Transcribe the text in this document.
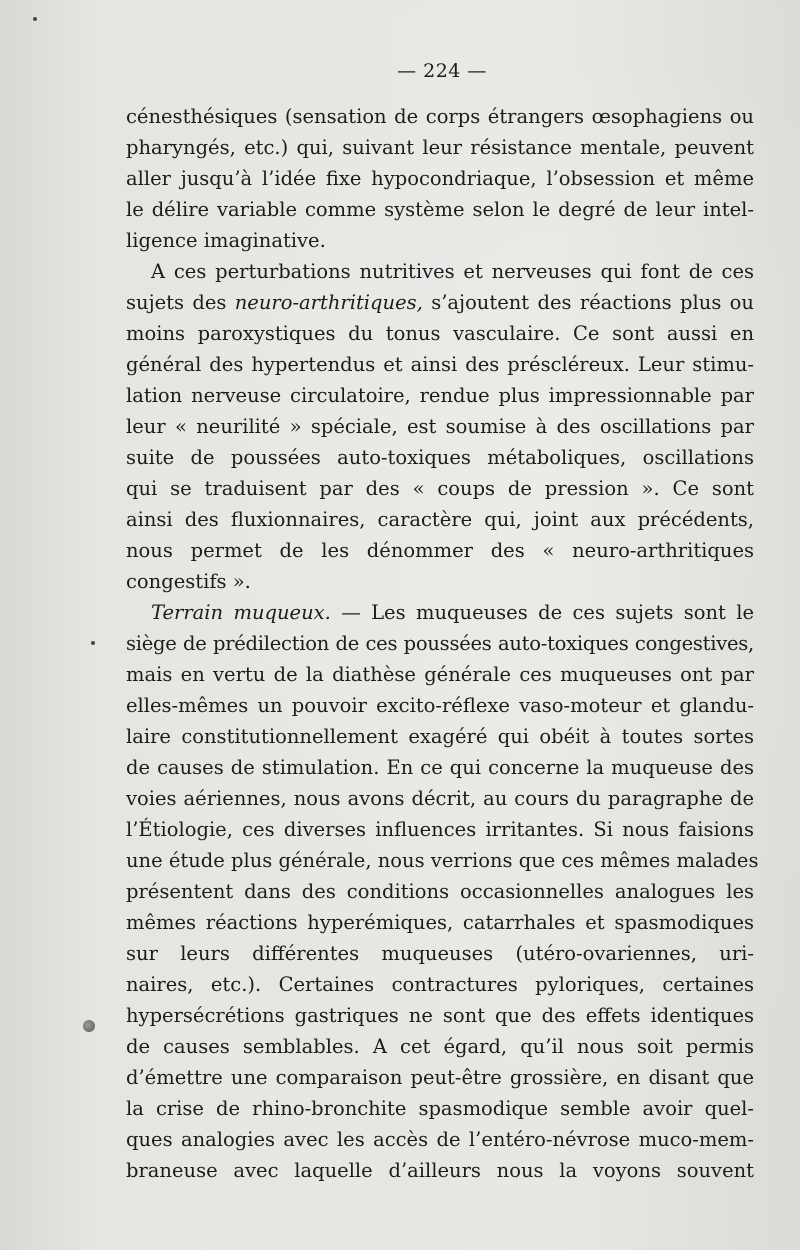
— 224 —
cénesthésiques (sensation de corps étrangers œsophagiens ou
pharyngés, etc.) qui, suivant leur résistance mentale, peuvent
aller jusqu’à l’idée fixe hypocondriaque, l’obsession et même
le délire variable comme système selon le degré de leur intel-
ligence imaginative.
A ces perturbations nutritives et nerveuses qui font de ces
sujets des neuro-arthritiques, s’ajoutent des réactions plus ou
moins paroxystiques du tonus vasculaire. Ce sont aussi en
général des hypertendus et ainsi des préscléreux. Leur stimu-
lation nerveuse circulatoire, rendue plus impressionnable par
leur « neurilité » spéciale, est soumise à des oscillations par
suite de poussées auto-toxiques métaboliques, oscillations
qui se traduisent par des « coups de pression ». Ce sont
ainsi des fluxionnaires, caractère qui, joint aux précédents,
nous permet de les dénommer des « neuro-arthritiques
congestifs ».
Terrain muqueux. — Les muqueuses de ces sujets sont le
siège de prédilection de ces poussées auto-toxiques congestives,
mais en vertu de la diathèse générale ces muqueuses ont par
elles-mêmes un pouvoir excito-réflexe vaso-moteur et glandu-
laire constitutionnellement exagéré qui obéit à toutes sortes
de causes de stimulation. En ce qui concerne la muqueuse des
voies aériennes, nous avons décrit, au cours du paragraphe de
l’Étiologie, ces diverses influences irritantes. Si nous faisions
une étude plus générale, nous verrions que ces mêmes malades
présentent dans des conditions occasionnelles analogues les
mêmes réactions hyperémiques, catarrhales et spasmodiques
sur leurs différentes muqueuses (utéro-ovariennes, uri-
naires, etc.). Certaines contractures pyloriques, certaines
hypersécrétions gastriques ne sont que des effets identiques
de causes semblables. A cet égard, qu’il nous soit permis
d’émettre une comparaison peut-être grossière, en disant que
la crise de rhino-bronchite spasmodique semble avoir quel-
ques analogies avec les accès de l’entéro-névrose muco-mem-
braneuse avec laquelle d’ailleurs nous la voyons souvent
